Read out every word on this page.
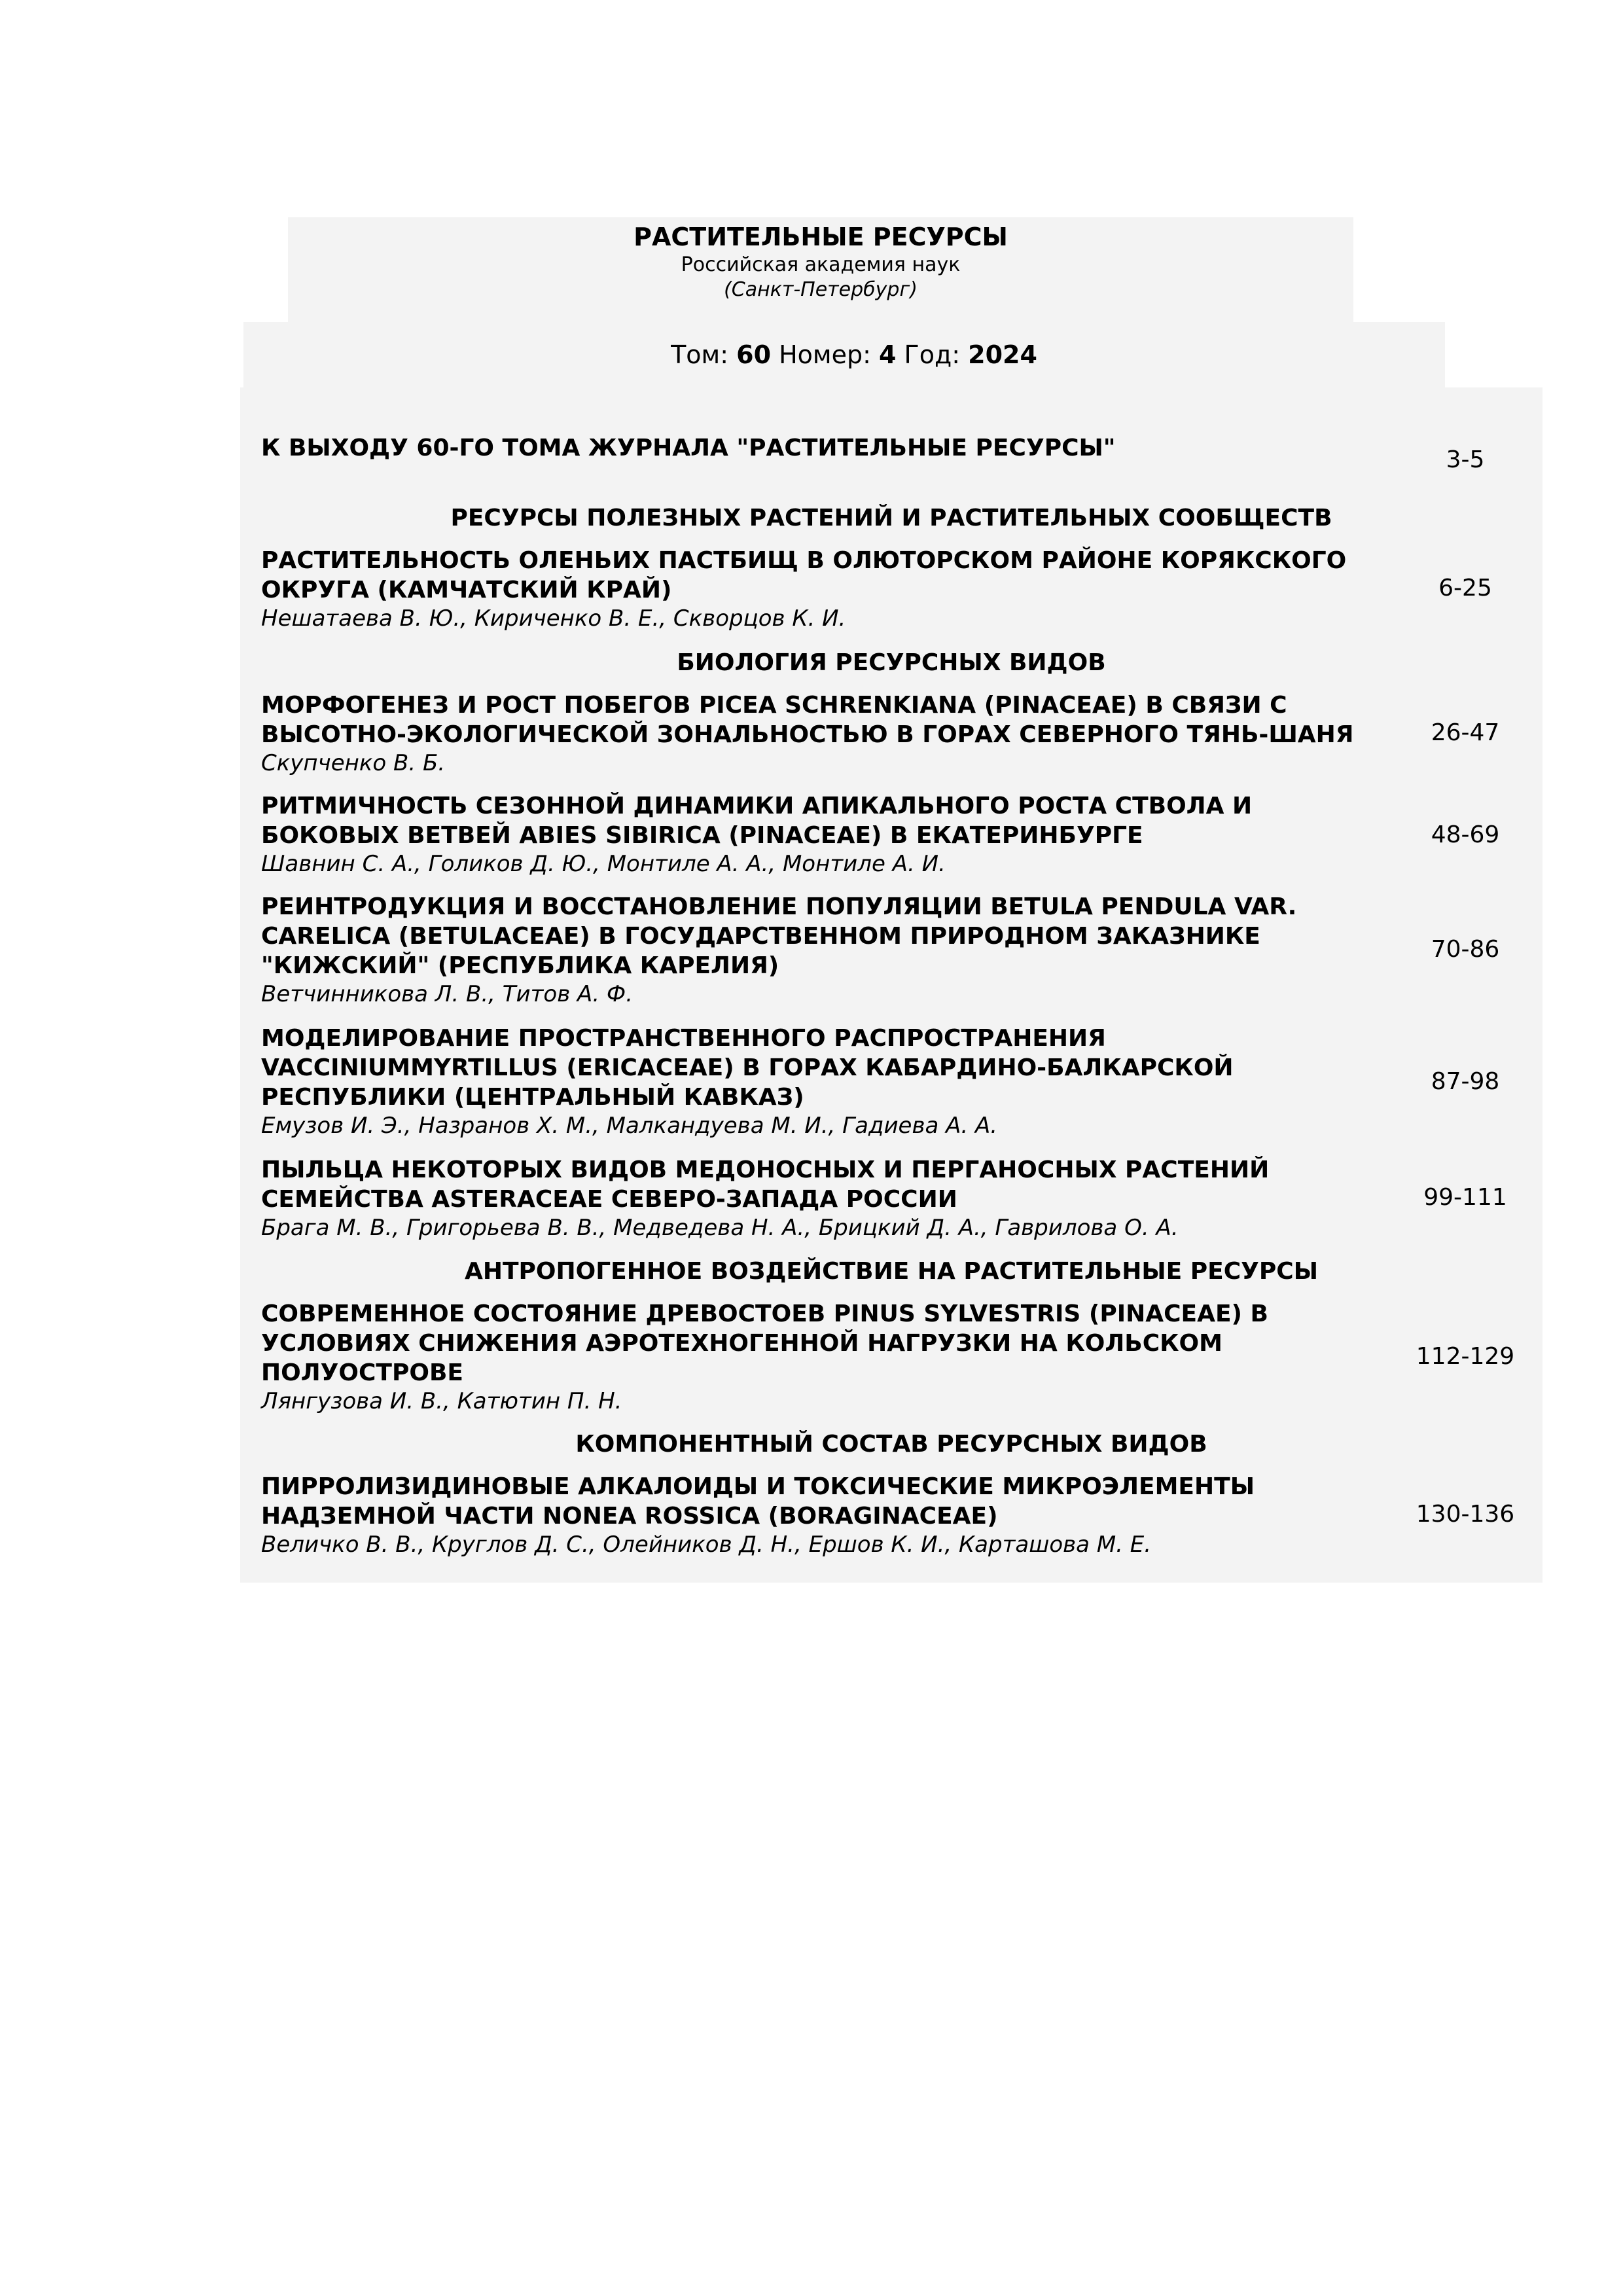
РАСТИТЕЛЬНЫЕ РЕСУРСЫ
Российская академия наук
(Санкт-Петербург)
Том: 60 Номер: 4 Год: 2024
К ВЫХОДУ 60-ГО ТОМА ЖУРНАЛА "РАСТИТЕЛЬНЫЕ РЕСУРСЫ"	3-5
РЕСУРСЫ ПОЛЕЗНЫХ РАСТЕНИЙ И РАСТИТЕЛЬНЫХ СООБЩЕСТВ
РАСТИТЕЛЬНОСТЬ ОЛЕНЬИХ ПАСТБИЩ В ОЛЮТОРСКОМ РАЙОНЕ КОРЯКСКОГО
ОКРУГА (КАМЧАТСКИЙ КРАЙ)
Нешатаева В. Ю., Кириченко В. Е., Скворцов К. И.
6-25
БИОЛОГИЯ РЕСУРСНЫХ ВИДОВ
МОРФОГЕНЕЗ И РОСТ ПОБЕГОВ PICEA SCHRENKIANA (PINACEAE) В СВЯЗИ С
ВЫСОТНО-ЭКОЛОГИЧЕСКОЙ ЗОНАЛЬНОСТЬЮ В ГОРАХ СЕВЕРНОГО ТЯНЬ-ШАНЯ
Скупченко В. Б.
26-47
РИТМИЧНОСТЬ СЕЗОННОЙ ДИНАМИКИ АПИКАЛЬНОГО РОСТА СТВОЛА И
БОКОВЫХ ВЕТВЕЙ ABIES SIBIRICA (PINACEAE) В ЕКАТЕРИНБУРГЕ
Шавнин С. А., Голиков Д. Ю., Монтиле А. А., Монтиле А. И.
48-69
РЕИНТРОДУКЦИЯ И ВОССТАНОВЛЕНИЕ ПОПУЛЯЦИИ BETULA PENDULA VAR.
CARELICA (BETULACEAE) В ГОСУДАРСТВЕННОМ ПРИРОДНОМ ЗАКАЗНИКЕ
"КИЖСКИЙ" (РЕСПУБЛИКА КАРЕЛИЯ)
Ветчинникова Л. В., Титов А. Ф.
70-86
МОДЕЛИРОВАНИЕ ПРОСТРАНСТВЕННОГО РАСПРОСТРАНЕНИЯ
VACCINIUMMYRTILLUS (ERICACEAE) В ГОРАХ КАБАРДИНО-БАЛКАРСКОЙ
РЕСПУБЛИКИ (ЦЕНТРАЛЬНЫЙ КАВКАЗ)
Емузов И. Э., Назранов Х. М., Малкандуева М. И., Гадиева А. А.
87-98
ПЫЛЬЦА НЕКОТОРЫХ ВИДОВ МЕДОНОСНЫХ И ПЕРГАНОСНЫХ РАСТЕНИЙ
СЕМЕЙСТВА ASTERACEAE СЕВЕРО-ЗАПАДА РОССИИ
Брага М. В., Григорьева В. В., Медведева Н. А., Брицкий Д. А., Гаврилова О. А.
99-111
АНТРОПОГЕННОЕ ВОЗДЕЙСТВИЕ НА РАСТИТЕЛЬНЫЕ РЕСУРСЫ
СОВРЕМЕННОЕ СОСТОЯНИЕ ДРЕВОСТОЕВ PINUS SYLVESTRIS (PINACEAE) В
УСЛОВИЯХ СНИЖЕНИЯ АЭРОТЕХНОГЕННОЙ НАГРУЗКИ НА КОЛЬСКОМ
ПОЛУОСТРОВЕ
Лянгузова И. В., Катютин П. Н.
112-129
КОМПОНЕНТНЫЙ СОСТАВ РЕСУРСНЫХ ВИДОВ
ПИРРОЛИЗИДИНОВЫЕ АЛКАЛОИДЫ И ТОКСИЧЕСКИЕ МИКРОЭЛЕМЕНТЫ
НАДЗЕМНОЙ ЧАСТИ NONEA ROSSICA (BORAGINACEAE)
Величко В. В., Круглов Д. С., Олейников Д. Н., Ершов К. И., Карташова М. Е.
130-136
